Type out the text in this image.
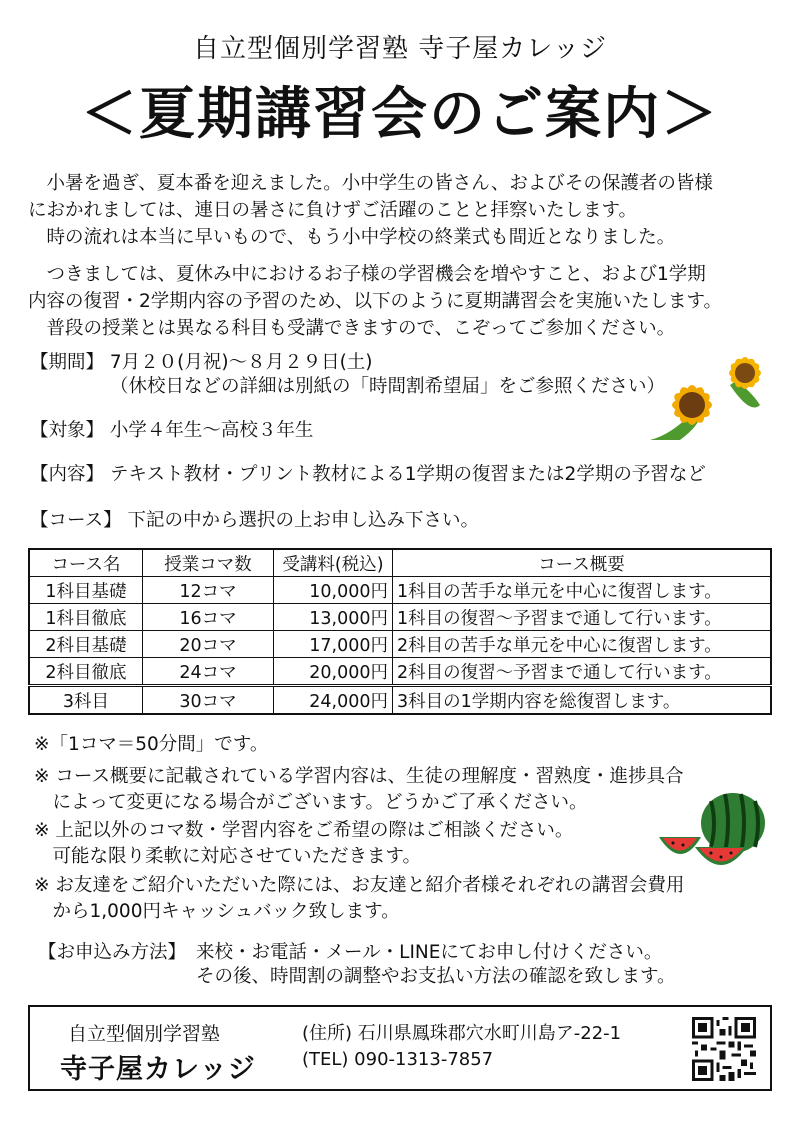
自立型個別学習塾 寺子屋カレッジ
＜夏期講習会のご案内＞

　小暑を過ぎ、夏本番を迎えました。小中学生の皆さん、およびその保護者の皆様

におかれましては、連日の暑さに負けずご活躍のことと拝察いたします。

　時の流れは本当に早いもので、もう小中学校の終業式も間近となりました。

　つきましては、夏休み中におけるお子様の学習機会を増やすこと、および1学期

内容の復習・2学期内容の予習のため、以下のように夏期講習会を実施いたします。

　普段の授業とは異なる科目も受講できますので、こぞってご参加ください。

【期間】 7月２０(月祝)～８月２９日(土)
（休校日などの詳細は別紙の「時間割希望届」をご参照ください）
【対象】 小学４年生～高校３年生
【内容】 テキスト教材・プリント教材による1学期の復習または2学期の予習など
【コース】 下記の中から選択の上お申し込み下さい。
コース名	授業コマ数	受講料(税込)	コース概要
1科目基礎	12コマ	10,000円	1科目の苦手な単元を中心に復習します。
1科目徹底	16コマ	13,000円	1科目の復習～予習まで通して行います。
2科目基礎	20コマ	17,000円	2科目の苦手な単元を中心に復習します。
2科目徹底	24コマ	20,000円	2科目の復習～予習まで通して行います。
3科目	30コマ	24,000円	3科目の1学期内容を総復習します。

※「1コマ＝50分間」です。

※ コース概要に記載されている学習内容は、生徒の理解度・習熟度・進捗具合

　によって変更になる場合がございます。どうかご了承ください。

※ 上記以外のコマ数・学習内容をご希望の際はご相談ください。

　可能な限り柔軟に対応させていただきます。

※ お友達をご紹介いただいた際には、お友達と紹介者様それぞれの講習会費用

　から1,000円キャッシュバック致します。

【お申込み方法】 来校・お電話・メール・LINEにてお申し付けください。
その後、時間割の調整やお支払い方法の確認を致します。
自立型個別学習塾
寺子屋カレッジ
(住所) 石川県鳳珠郡穴水町川島ア-22-1
(TEL) 090-1313-7857
